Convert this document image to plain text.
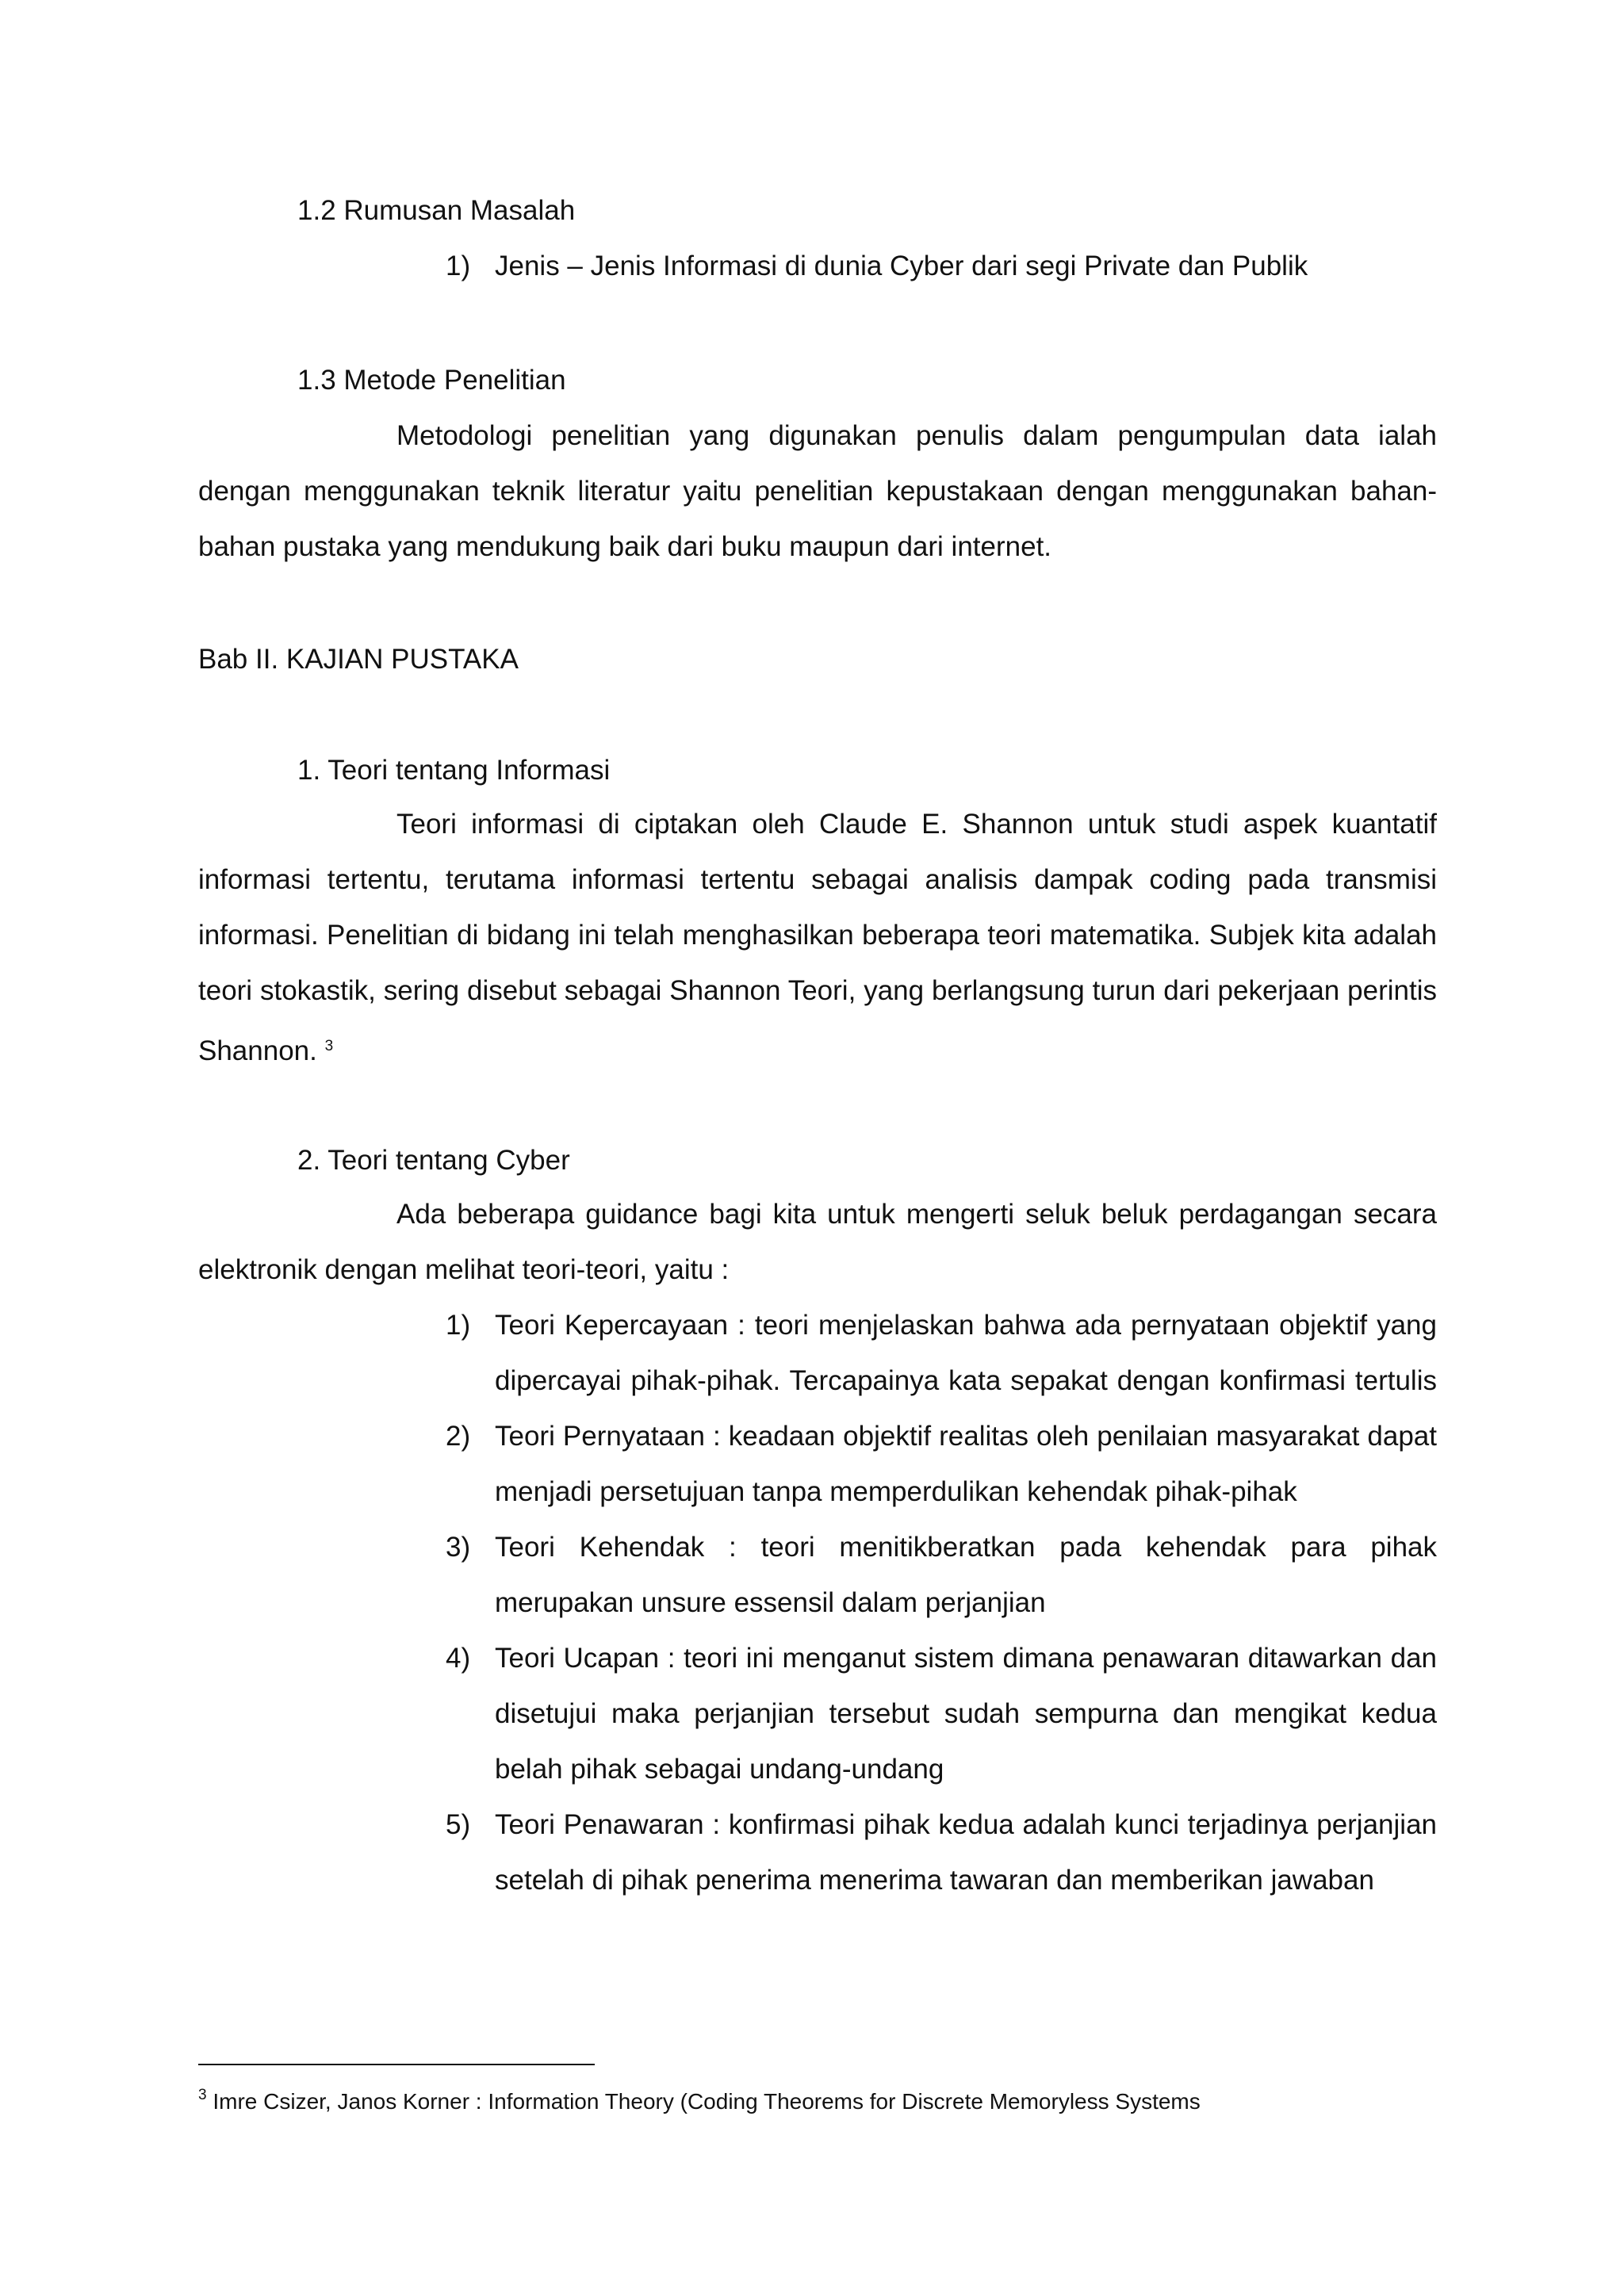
1.2 Rumusan Masalah
1) Jenis – Jenis Informasi di dunia Cyber dari segi Private dan Publik
1.3 Metode Penelitian
Metodologi penelitian yang digunakan penulis dalam pengumpulan data ialah
dengan menggunakan teknik literatur yaitu penelitian kepustakaan dengan menggunakan bahan-
bahan pustaka yang mendukung baik dari buku maupun dari internet.
Bab II. KAJIAN PUSTAKA
1. Teori tentang Informasi
Teori informasi di ciptakan oleh Claude E. Shannon untuk studi aspek kuantatif
informasi tertentu, terutama informasi tertentu sebagai analisis dampak coding pada transmisi
informasi. Penelitian di bidang ini telah menghasilkan beberapa teori matematika. Subjek kita adalah
teori stokastik, sering disebut sebagai Shannon Teori, yang berlangsung turun dari pekerjaan perintis
Shannon. $^3$
2. Teori tentang Cyber
Ada beberapa guidance bagi kita untuk mengerti seluk beluk perdagangan secara
elektronik dengan melihat teori-teori, yaitu :
1) Teori Kepercayaan : teori menjelaskan bahwa ada pernyataan objektif yang
dipercayai pihak-pihak. Tercapainya kata sepakat dengan konfirmasi tertulis
2) Teori Pernyataan : keadaan objektif realitas oleh penilaian masyarakat dapat
menjadi persetujuan tanpa memperdulikan kehendak pihak-pihak
3) Teori Kehendak : teori menitikberatkan pada kehendak para pihak
merupakan unsure essensil dalam perjanjian
4) Teori Ucapan : teori ini menganut sistem dimana penawaran ditawarkan dan
disetujui maka perjanjian tersebut sudah sempurna dan mengikat kedua
belah pihak sebagai undang-undang
5) Teori Penawaran : konfirmasi pihak kedua adalah kunci terjadinya perjanjian
setelah di pihak penerima menerima tawaran dan memberikan jawaban
$^3$ Imre Csizer, Janos Korner : Information Theory (Coding Theorems for Discrete Memoryless Systems
